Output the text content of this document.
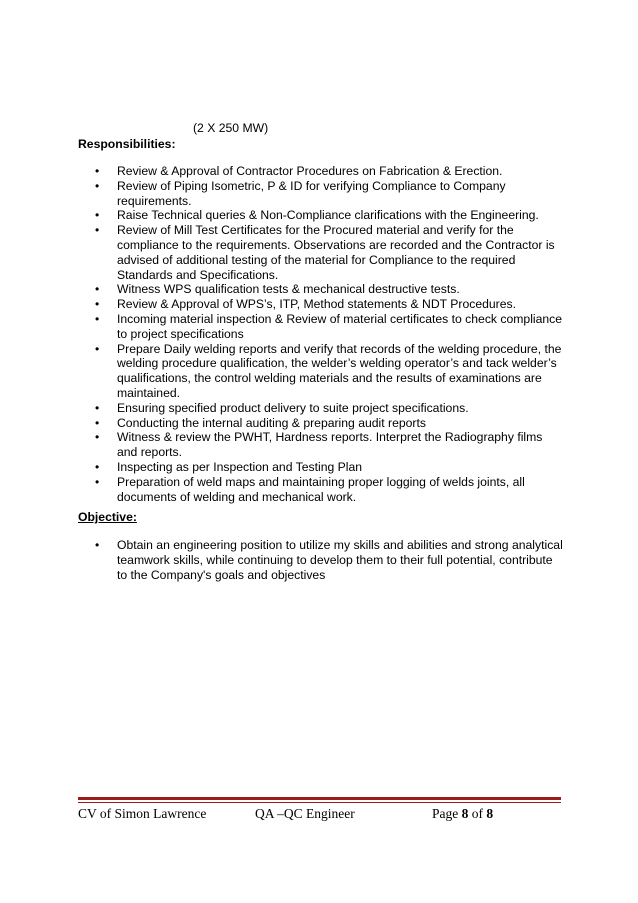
(2 X 250 MW)
Responsibilities:
• Review & Approval of Contractor Procedures on Fabrication & Erection.
• Review of Piping Isometric, P & ID for verifying Compliance to Company requirements.
• Raise Technical queries & Non-Compliance clarifications with the Engineering.
• Review of Mill Test Certificates for the Procured material and verify for the compliance to the requirements. Observations are recorded and the Contractor is advised of additional testing of the material for Compliance to the required Standards and Specifications.
• Witness WPS qualification tests & mechanical destructive tests.
• Review & Approval of WPS’s, ITP, Method statements & NDT Procedures.
• Incoming material inspection & Review of material certificates to check compliance to project specifications
• Prepare Daily welding reports and verify that records of the welding procedure, the welding procedure qualification, the welder’s welding operator’s and tack welder’s qualifications, the control welding materials and the results of examinations are maintained.
• Ensuring specified product delivery to suite project specifications.
• Conducting the internal auditing & preparing audit reports
• Witness & review the PWHT, Hardness reports. Interpret the Radiography films and reports.
• Inspecting as per Inspection and Testing Plan
• Preparation of weld maps and maintaining proper logging of welds joints, all documents of welding and mechanical work.
Objective:
• Obtain an engineering position to utilize my skills and abilities and strong analytical teamwork skills, while continuing to develop them to their full potential, contribute to the Company's goals and objectives
CV of Simon Lawrence	QA –QC Engineer	Page 8 of 8
